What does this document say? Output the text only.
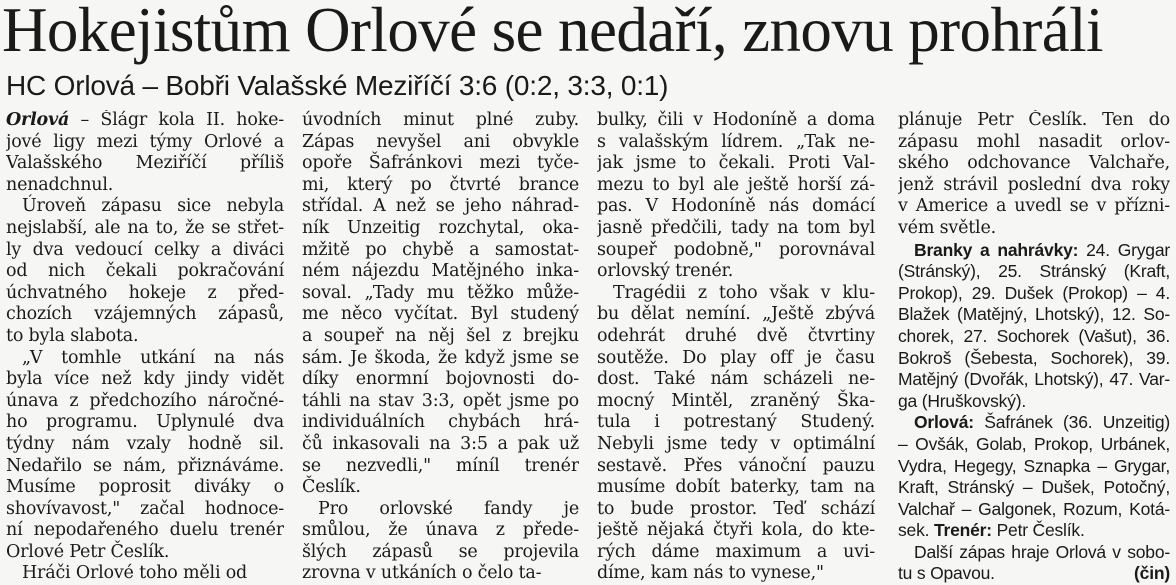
Hokejistům Orlové se nedaří, znovu prohráli
HC Orlová – Bobři Valašské Meziříčí 3:6 (0:2, 3:3, 0:1)

Orlová – Šlágr kola II. hoke-

jové ligy mezi týmy Orlové a

Valašského Meziříčí příliš

nenadchnul.

Úroveň zápasu sice nebyla

nejslabší, ale na to, že se střet-

ly dva vedoucí celky a diváci

od nich čekali pokračování

úchvatného hokeje z před-

chozích vzájemných zápasů,

to byla slabota.

„V tomhle utkání na nás

byla více než kdy jindy vidět

únava z předchozího náročné-

ho programu. Uplynulé dva

týdny nám vzaly hodně sil.

Nedařilo se nám, přiznáváme.

Musíme poprosit diváky o

shovívavost," začal hodnoce-

ní nepodařeného duelu trenér

Orlové Petr Česlík.

Hráči Orlové toho měli od

úvodních minut plné zuby.

Zápas nevyšel ani obvykle

opoře Šafránkovi mezi tyče-

mi, který po čtvrté brance

střídal. A než se jeho náhrad-

ník Unzeitig rozchytal, oka-

mžitě po chybě a samostat-

ném nájezdu Matějného inka-

soval. „Tady mu těžko může-

me něco vyčítat. Byl studený

a soupeř na něj šel z brejku

sám. Je škoda, že když jsme se

díky enormní bojovnosti do-

táhli na stav 3:3, opět jsme po

individuálních chybách hrá-

čů inkasovali na 3:5 a pak už

se nezvedli," míníl trenér

Česlík.

Pro orlovské fandy je

smůlou, že únava z přede-

šlých zápasů se projevila

zrovna v utkáních o čelo ta-

bulky, čili v Hodoníně a doma

s valašským lídrem. „Tak ne-

jak jsme to čekali. Proti Val-

mezu to byl ale ještě horší zá-

pas. V Hodoníně nás domácí

jasně předčili, tady na tom byl

soupeř podobně," porovnával

orlovský trenér.

Tragédii z toho však v klu-

bu dělat nemíní. „Ještě zbývá

odehrát druhé dvě čtvrtiny

soutěže. Do play off je času

dost. Také nám scházeli ne-

mocný Mintěl, zraněný Ška-

tula i potrestaný Studený.

Nebyli jsme tedy v optimální

sestavě. Přes vánoční pauzu

musíme dobít baterky, tam na

to bude prostor. Teď schází

ještě nějaká čtyři kola, do kte-

rých dáme maximum a uvi-

díme, kam nás to vynese,"

plánuje Petr Česlík. Ten do

zápasu mohl nasadit orlov-

ského odchovance Valchaře,

jenž strávil poslední dva roky

v Americe a uvedl se v přízni-

vém světle.

Branky a nahrávky: 24. Grygar

(Stránský), 25. Stránský (Kraft,

Prokop), 29. Dušek (Prokop) – 4.

Blažek (Matějný, Lhotský), 12. So-

chorek, 27. Sochorek (Vašut), 36.

Bokroš (Šebesta, Sochorek), 39.

Matějný (Dvořák, Lhotský), 47. Var-

ga (Hruškovský).

Orlová: Šafránek (36. Unzeitig)

– Ovšák, Golab, Prokop, Urbánek,

Vydra, Hegegy, Sznapka – Grygar,

Kraft, Stránský – Dušek, Potočný,

Valchař – Galgonek, Rozum, Kotá-

sek. Trenér: Petr Česlík.

Další zápas hraje Orlová v sobo-

tu s Opavou.	(čin)
